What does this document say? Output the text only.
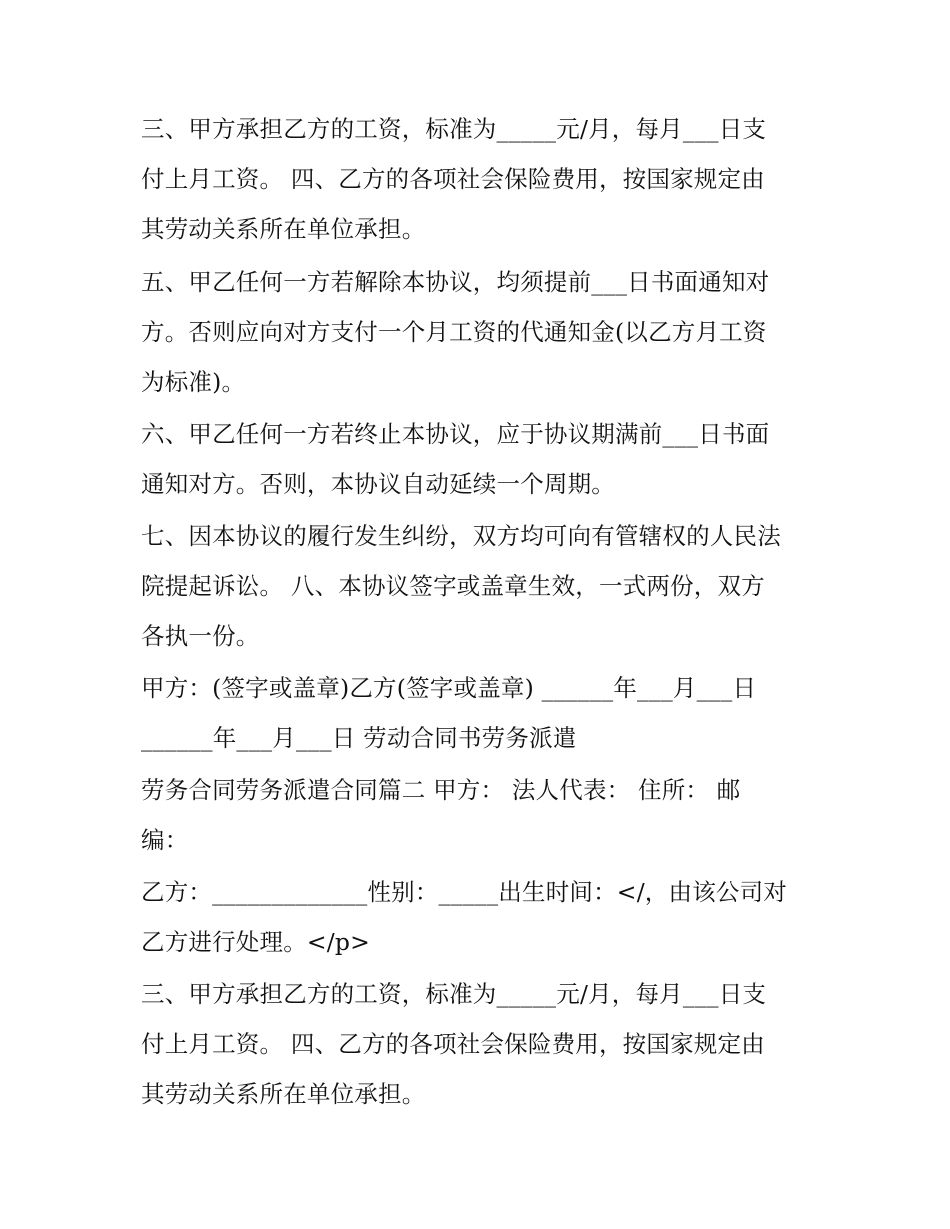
三、甲方承担乙方的工资，标准为_____元/月，每月___日支
付上月工资。 四、乙方的各项社会保险费用，按国家规定由
其劳动关系所在单位承担。
五、甲乙任何一方若解除本协议，均须提前___日书面通知对
方。否则应向对方支付一个月工资的代通知金(以乙方月工资
为标准)。
六、甲乙任何一方若终止本协议，应于协议期满前___日书面
通知对方。否则，本协议自动延续一个周期。
七、因本协议的履行发生纠纷，双方均可向有管辖权的人民法
院提起诉讼。 八、本协议签字或盖章生效，一式两份，双方
各执一份。
甲方：(签字或盖章)乙方(签字或盖章) ______年___月___日
______年___月___日 劳动合同书劳务派遣
劳务合同劳务派遣合同篇二 甲方： 法人代表： 住所： 邮
编：
乙方：_____________性别：_____出生时间：</，由该公司对
乙方进行处理。</p>
三、甲方承担乙方的工资，标准为_____元/月，每月___日支
付上月工资。 四、乙方的各项社会保险费用，按国家规定由
其劳动关系所在单位承担。
